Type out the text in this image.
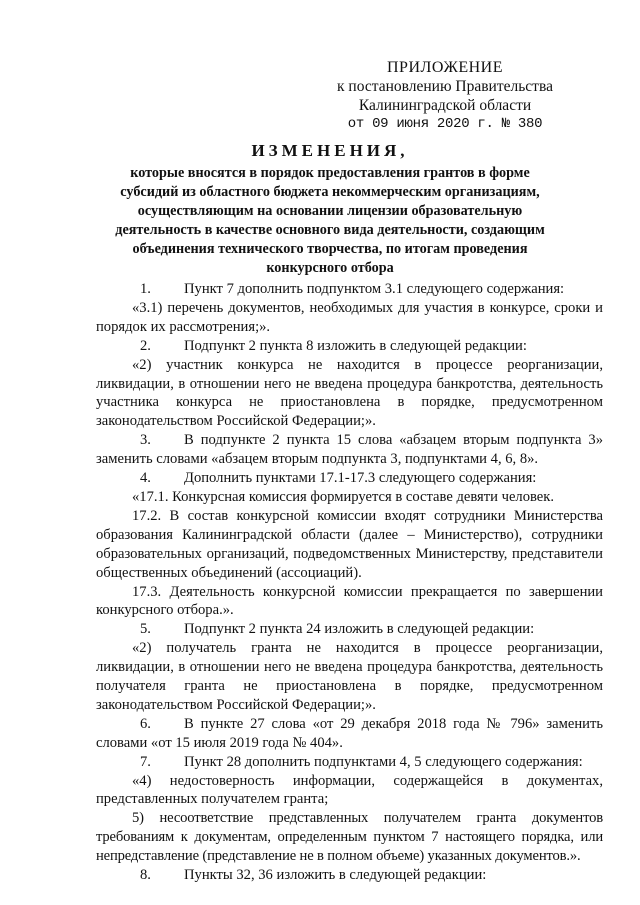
ПРИЛОЖЕНИЕ
к постановлению Правительства
Калининградской области
от 09 июня 2020 г. № 380
ИЗМЕНЕНИЯ,
которые вносятся в порядок предоставления грантов в форме субсидий из областного бюджета некоммерческим организациям, осуществляющим на основании лицензии образовательную деятельность в качестве основного вида деятельности, создающим объединения технического творчества, по итогам проведения конкурсного отбора

1. Пункт 7 дополнить подпунктом 3.1 следующего содержания:

«3.1) перечень документов, необходимых для участия в конкурсе, сроки и порядок их рассмотрения;».

2. Подпункт 2 пункта 8 изложить в следующей редакции:

«2) участник конкурса не находится в процессе реорганизации, ликвидации, в отношении него не введена процедура банкротства, деятельность участника конкурса не приостановлена в порядке, предусмотренном законодательством Российской Федерации;».

3. В подпункте 2 пункта 15 слова «абзацем вторым подпункта 3» заменить словами «абзацем вторым подпункта 3, подпунктами 4, 6, 8».

4. Дополнить пунктами 17.1-17.3 следующего содержания:

«17.1. Конкурсная комиссия формируется в составе девяти человек.

17.2. В состав конкурсной комиссии входят сотрудники Министерства образования Калининградской области (далее – Министерство), сотрудники образовательных организаций, подведомственных Министерству, представители общественных объединений (ассоциаций).

17.3. Деятельность конкурсной комиссии прекращается по завершении конкурсного отбора.».

5. Подпункт 2 пункта 24 изложить в следующей редакции:

«2) получатель гранта не находится в процессе реорганизации, ликвидации, в отношении него не введена процедура банкротства, деятельность получателя гранта не приостановлена в порядке, предусмотренном законодательством Российской Федерации;».

6. В пункте 27 слова «от 29 декабря 2018 года № 796» заменить словами «от 15 июля 2019 года № 404».

7. Пункт 28 дополнить подпунктами 4, 5 следующего содержания:

«4) недостоверность информации, содержащейся в документах, представленных получателем гранта;

5) несоответствие представленных получателем гранта документов требованиям к документам, определенным пунктом 7 настоящего порядка, или непредставление (представление не в полном объеме) указанных документов.».

8. Пункты 32, 36 изложить в следующей редакции:
